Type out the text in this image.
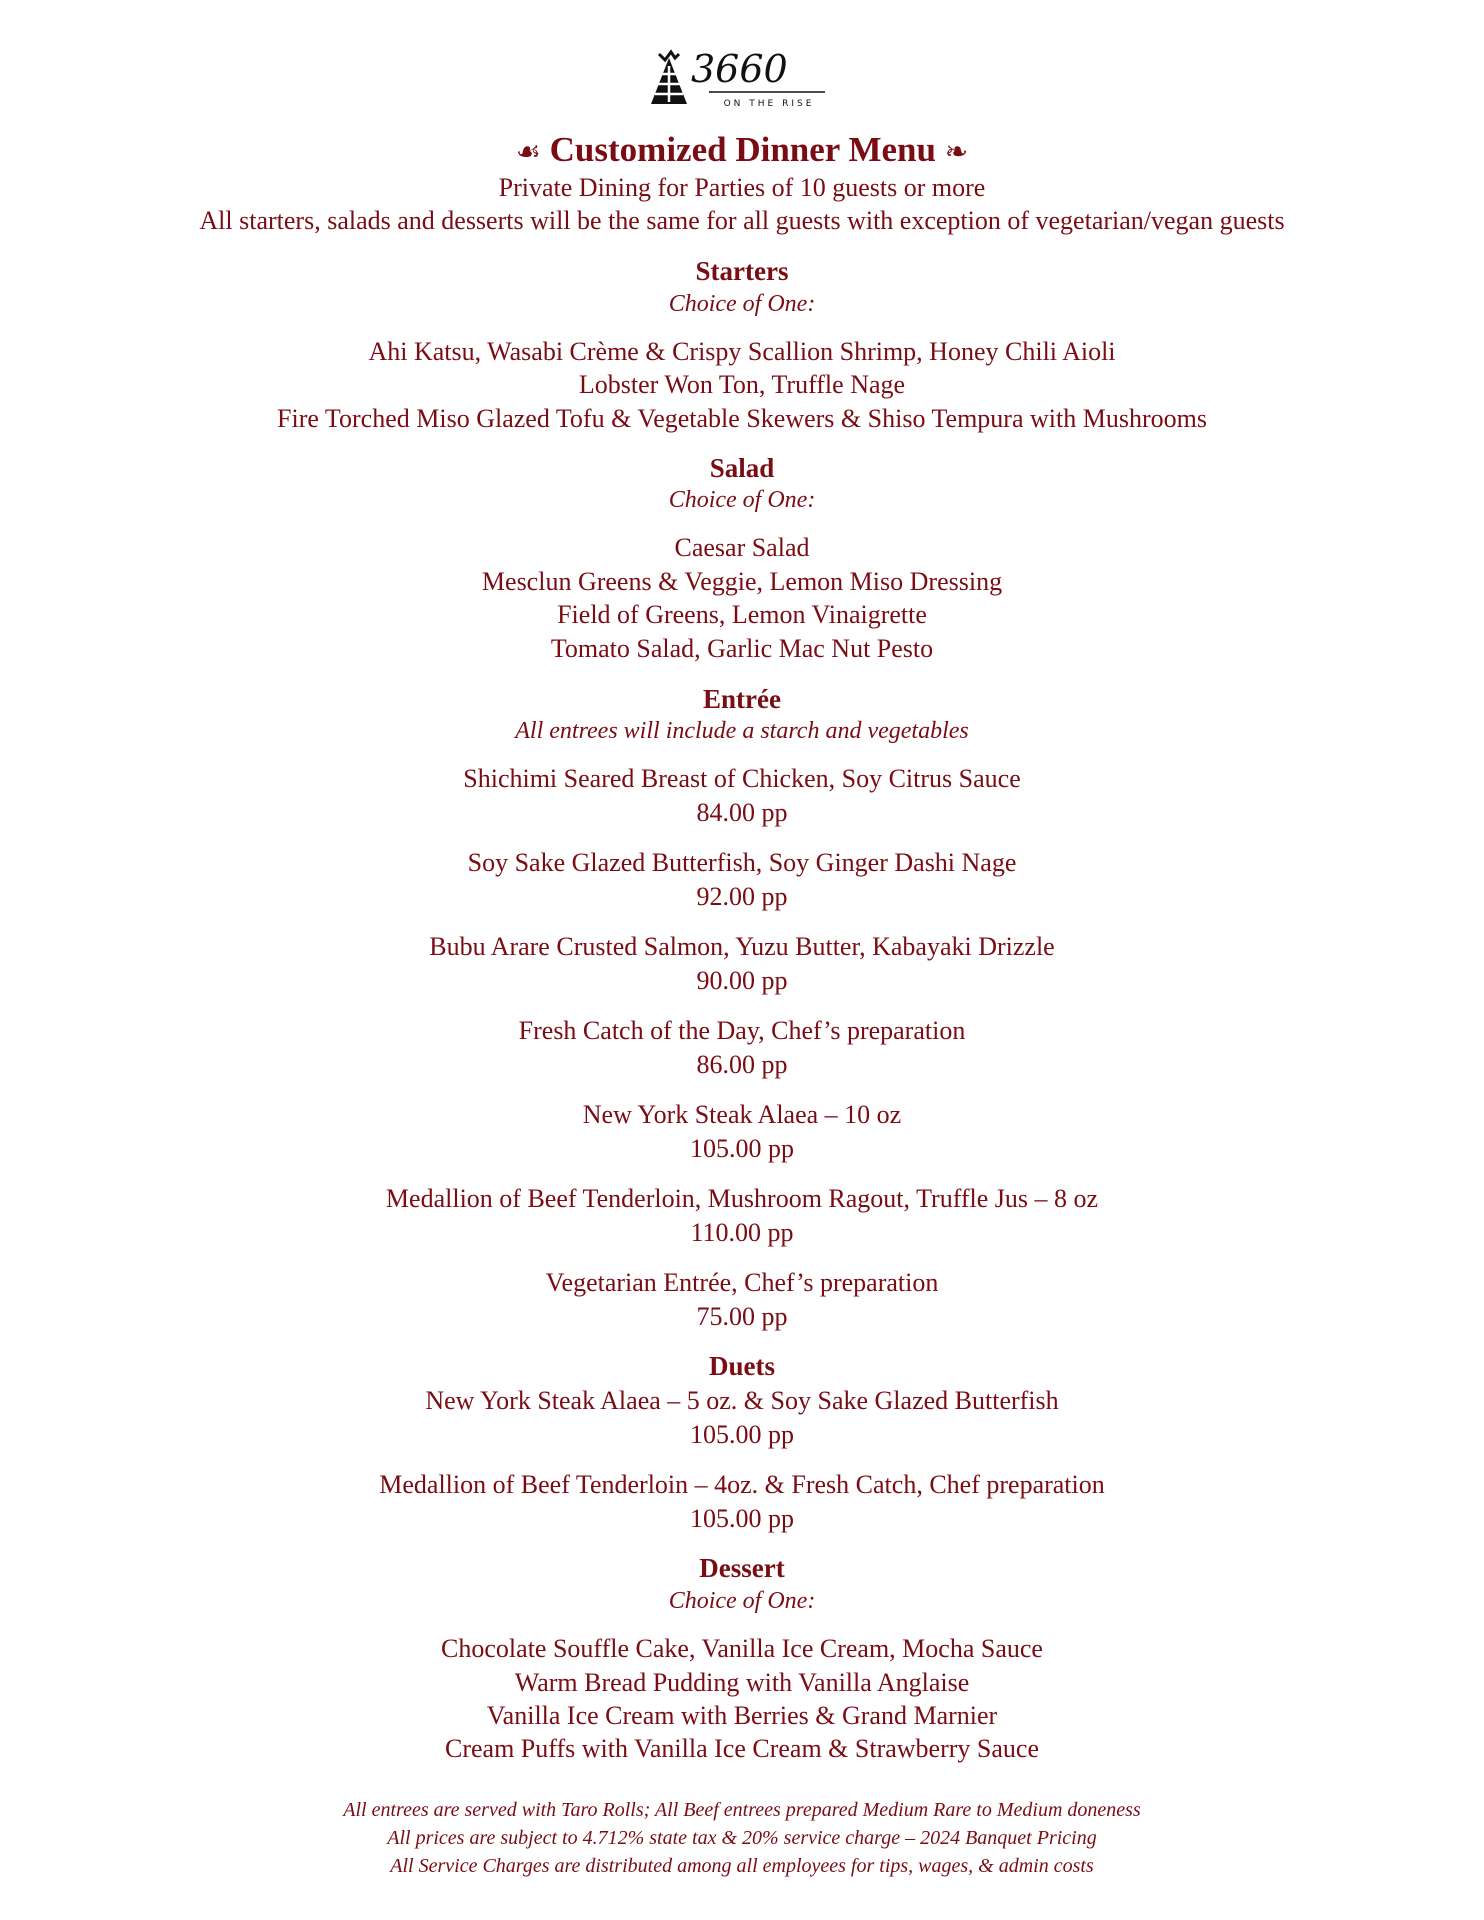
3660
ON THE RISE
☙ Customized Dinner Menu ❧
Private Dining for Parties of 10 guests or more
All starters, salads and desserts will be the same for all guests with exception of vegetarian/vegan guests
Starters
Choice of One:
Ahi Katsu, Wasabi Crème & Crispy Scallion Shrimp, Honey Chili Aioli
Lobster Won Ton, Truffle Nage
Fire Torched Miso Glazed Tofu & Vegetable Skewers & Shiso Tempura with Mushrooms
Salad
Choice of One:
Caesar Salad
Mesclun Greens & Veggie, Lemon Miso Dressing
Field of Greens, Lemon Vinaigrette
Tomato Salad, Garlic Mac Nut Pesto
Entrée
All entrees will include a starch and vegetables
Shichimi Seared Breast of Chicken, Soy Citrus Sauce
84.00 pp
Soy Sake Glazed Butterfish, Soy Ginger Dashi Nage
92.00 pp
Bubu Arare Crusted Salmon, Yuzu Butter, Kabayaki Drizzle
90.00 pp
Fresh Catch of the Day, Chef’s preparation
86.00 pp
New York Steak Alaea – 10 oz
105.00 pp
Medallion of Beef Tenderloin, Mushroom Ragout, Truffle Jus – 8 oz
110.00 pp
Vegetarian Entrée, Chef’s preparation
75.00 pp
Duets
New York Steak Alaea – 5 oz. & Soy Sake Glazed Butterfish
105.00 pp
Medallion of Beef Tenderloin – 4oz. & Fresh Catch, Chef preparation
105.00 pp
Dessert
Choice of One:
Chocolate Souffle Cake, Vanilla Ice Cream, Mocha Sauce
Warm Bread Pudding with Vanilla Anglaise
Vanilla Ice Cream with Berries & Grand Marnier
Cream Puffs with Vanilla Ice Cream & Strawberry Sauce
All entrees are served with Taro Rolls; All Beef entrees prepared Medium Rare to Medium doneness
All prices are subject to 4.712% state tax & 20% service charge – 2024 Banquet Pricing
All Service Charges are distributed among all employees for tips, wages, & admin costs
